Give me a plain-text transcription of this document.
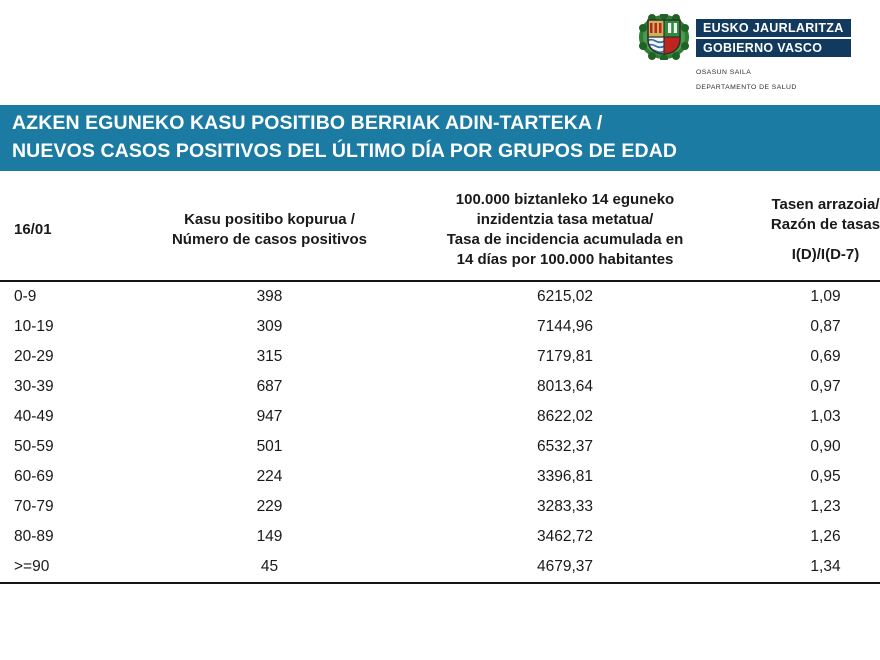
EUSKO JAURLARITZA
GOBIERNO VASCO
OSASUN SAILA
DEPARTAMENTO DE SALUD
AZKEN EGUNEKO KASU POSITIBO BERRIAK ADIN-TARTEKA /
NUEVOS CASOS POSITIVOS DEL ÚLTIMO DÍA POR GRUPOS DE EDAD
16/01	Kasu positibo kopurua /
Número de casos positivos	100.000 biztanleko 14 eguneko
inzidentzia tasa metatua/
Tasa de incidencia acumulada en
14 días por 100.000 habitantes	Tasen arrazoia/
Razón de tasas
I(D)/I(D-7)

0-9	398	6215,02	1,09
10-19	309	7144,96	0,87
20-29	315	7179,81	0,69
30-39	687	8013,64	0,97
40-49	947	8622,02	1,03
50-59	501	6532,37	0,90
60-69	224	3396,81	0,95
70-79	229	3283,33	1,23
80-89	149	3462,72	1,26
>=90	45	4679,37	1,34
